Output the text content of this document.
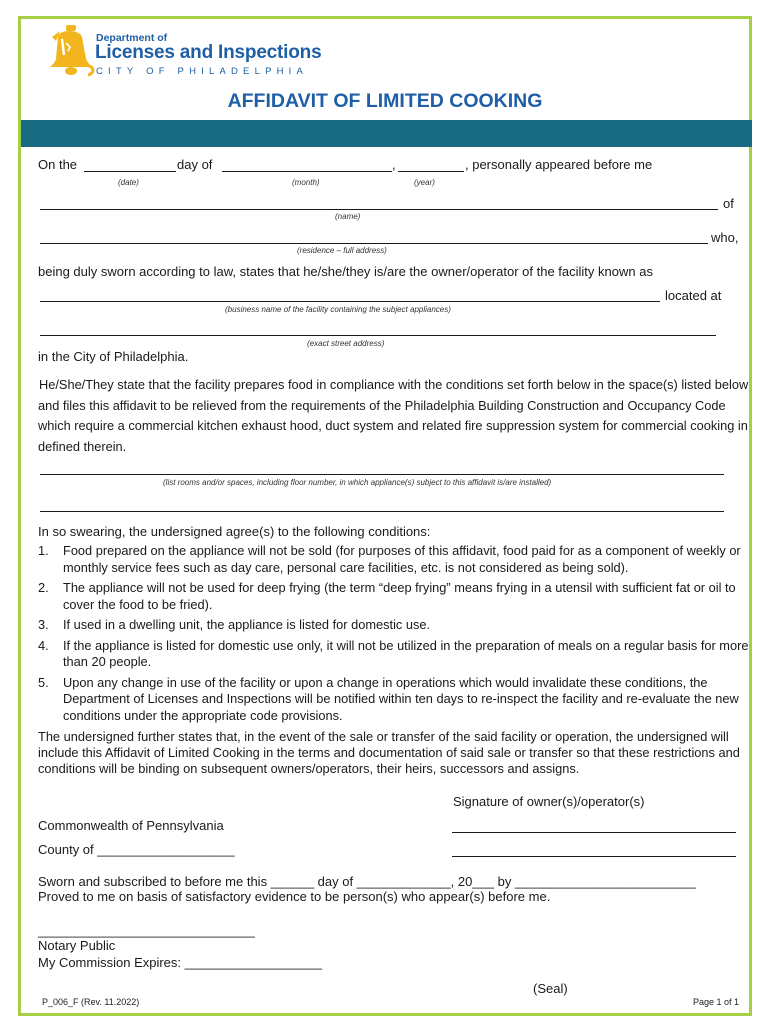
Department of
Licenses and Inspections
CITY OF PHILADELPHIA
AFFIDAVIT OF LIMITED COOKING
On the	day of	,	, personally appeared before me
(date)	(month)	(year)
of
(name)
who,
(residence – full address)
being duly sworn according to law, states that he/she/they is/are the owner/operator of the facility known as
located at
(business name of the facility containing the subject appliances)
(exact street address)
in the City of Philadelphia.
He/She/They state that the facility prepares food in compliance with the conditions set forth below in the space(s) listed below and files this affidavit to be relieved from the requirements of the Philadelphia Building Construction and Occupancy Code which require a commercial kitchen exhaust hood, duct system and related fire suppression system for commercial cooking in defined therein.
(list rooms and/or spaces, including floor number, in which appliance(s) subject to this affidavit is/are installed)
In so swearing, the undersigned agree(s) to the following conditions:
1. Food prepared on the appliance will not be sold (for purposes of this affidavit, food paid for as a component of weekly or monthly service fees such as day care, personal care facilities, etc. is not considered as being sold).
2. The appliance will not be used for deep frying (the term “deep frying” means frying in a utensil with sufficient fat or oil to cover the food to be fried).
3. If used in a dwelling unit, the appliance is listed for domestic use.
4. If the appliance is listed for domestic use only, it will not be utilized in the preparation of meals on a regular basis for more than 20 people.
5. Upon any change in use of the facility or upon a change in operations which would invalidate these conditions, the Department of Licenses and Inspections will be notified within ten days to re-inspect the facility and re-evaluate the new conditions under the appropriate code provisions.
The undersigned further states that, in the event of the sale or transfer of the said facility or operation, the undersigned will include this Affidavit of Limited Cooking in the terms and documentation of said sale or transfer so that these restrictions and conditions will be binding on subsequent owners/operators, their heirs, successors and assigns.
Signature of owner(s)/operator(s)
Commonwealth of Pennsylvania
County of ___________________
Sworn and subscribed to before me this ______ day of _____________, 20___ by _________________________
Proved to me on basis of satisfactory evidence to be person(s) who appear(s) before me.
______________________________
Notary Public
My Commission Expires: ___________________
(Seal)
P_006_F (Rev. 11.2022)	Page 1 of 1
